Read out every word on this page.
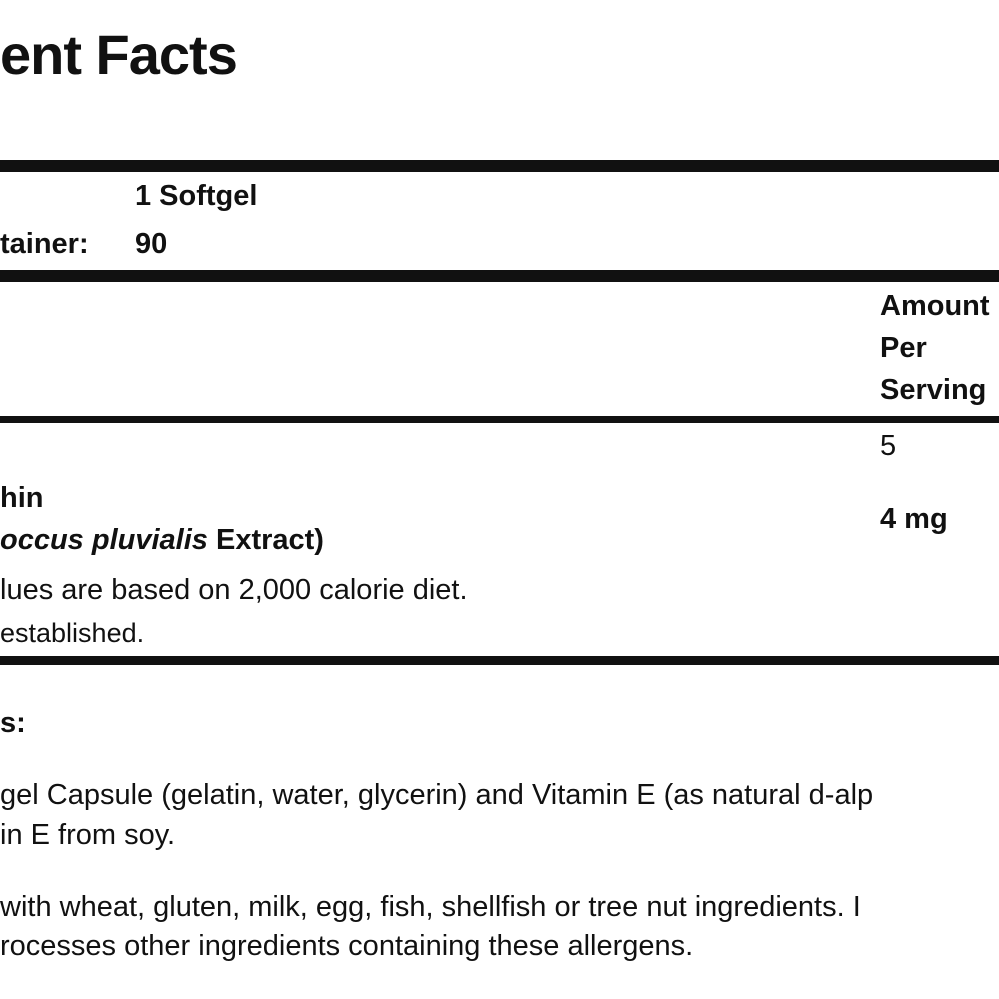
ent Facts
1 Softgel
tainer: 90
Amount
Per
Serving
5
hin
occus pluvialis Extract)
4 mg
lues are based on 2,000 calorie diet.
established.
s:
gel Capsule (gelatin, water, glycerin) and Vitamin E (as natural d-alp
in E from soy.
with wheat, gluten, milk, egg, fish, shellfish or tree nut ingredients. I
rocesses other ingredients containing these allergens.
